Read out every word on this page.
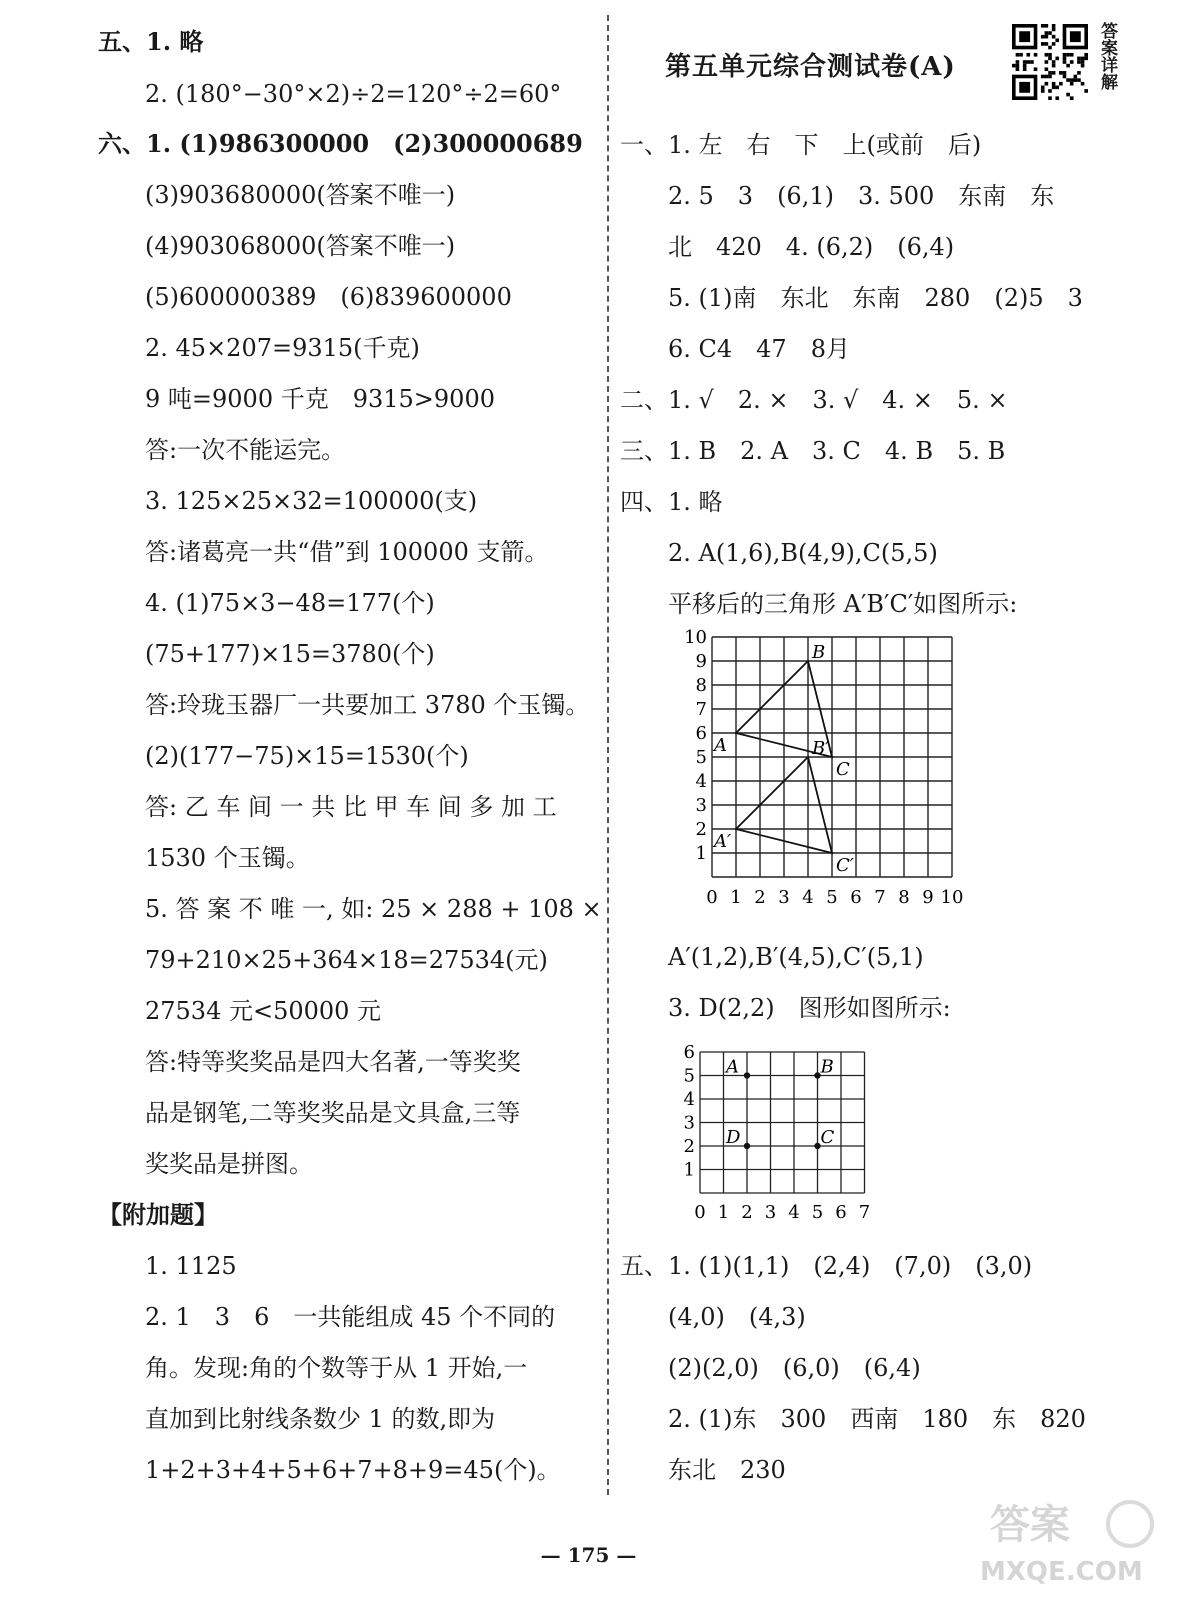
五、1. 略
2. (180°−30°×2)÷2=120°÷2=60°
六、1. (1)986300000　(2)300000689
(3)903680000(答案不唯一)
(4)903068000(答案不唯一)
(5)600000389　(6)839600000
2. 45×207=9315(千克)
9 吨=9000 千克　9315>9000
答:一次不能运完。
3. 125×25×32=100000(支)
答:诸葛亮一共“借”到 100000 支箭。
4. (1)75×3−48=177(个)
(75+177)×15=3780(个)
答:玲珑玉器厂一共要加工 3780 个玉镯。
(2)(177−75)×15=1530(个)
答: 乙 车 间 一 共 比 甲 车 间 多 加 工
1530 个玉镯。
5. 答 案 不 唯 一, 如: 25 × 288 + 108 ×
79+210×25+364×18=27534(元)
27534 元<50000 元
答:特等奖奖品是四大名著,一等奖奖
品是钢笔,二等奖奖品是文具盒,三等
奖奖品是拼图。
【附加题】
1. 1125
2. 1　3　6　一共能组成 45 个不同的
角。发现:角的个数等于从 1 开始,一
直加到比射线条数少 1 的数,即为
1+2+3+4+5+6+7+8+9=45(个)。
第五单元综合测试卷(A)	答案详解
一、1. 左　右　下　上(或前　后)
2. 5　3　(6,1)　3. 500　东南　东
北　420　4. (6,2)　(6,4)
5. (1)南　东北　东南　280　(2)5　3
6. C4　47　8月
二、1. √　2. ×　3. √　4. ×　5. ×
三、1. B　2. A　3. C　4. B　5. B
四、1. 略
2. A(1,6),B(4,9),C(5,5)
平移后的三角形 A′B′C′如图所示:
0 1
1
2
2
3
3
4
4
5
5
6
6
7
7
8
8
9
9
10
10
A
B
C
A′
B′
C′
A′(1,2),B′(4,5),C′(5,1)
3. D(2,2)　图形如图所示:
0 1 2 3 4 5 6 7
1
2
3
4
5
6
A	B
C
D
五、1. (1)(1,1)　(2,4)　(7,0)　(3,0)
(4,0)　(4,3)
(2)(2,0)　(6,0)　(6,4)
2. (1)东　300　西南　180　东　820
东北　230
— 175 —
答案
MXQE.COM
